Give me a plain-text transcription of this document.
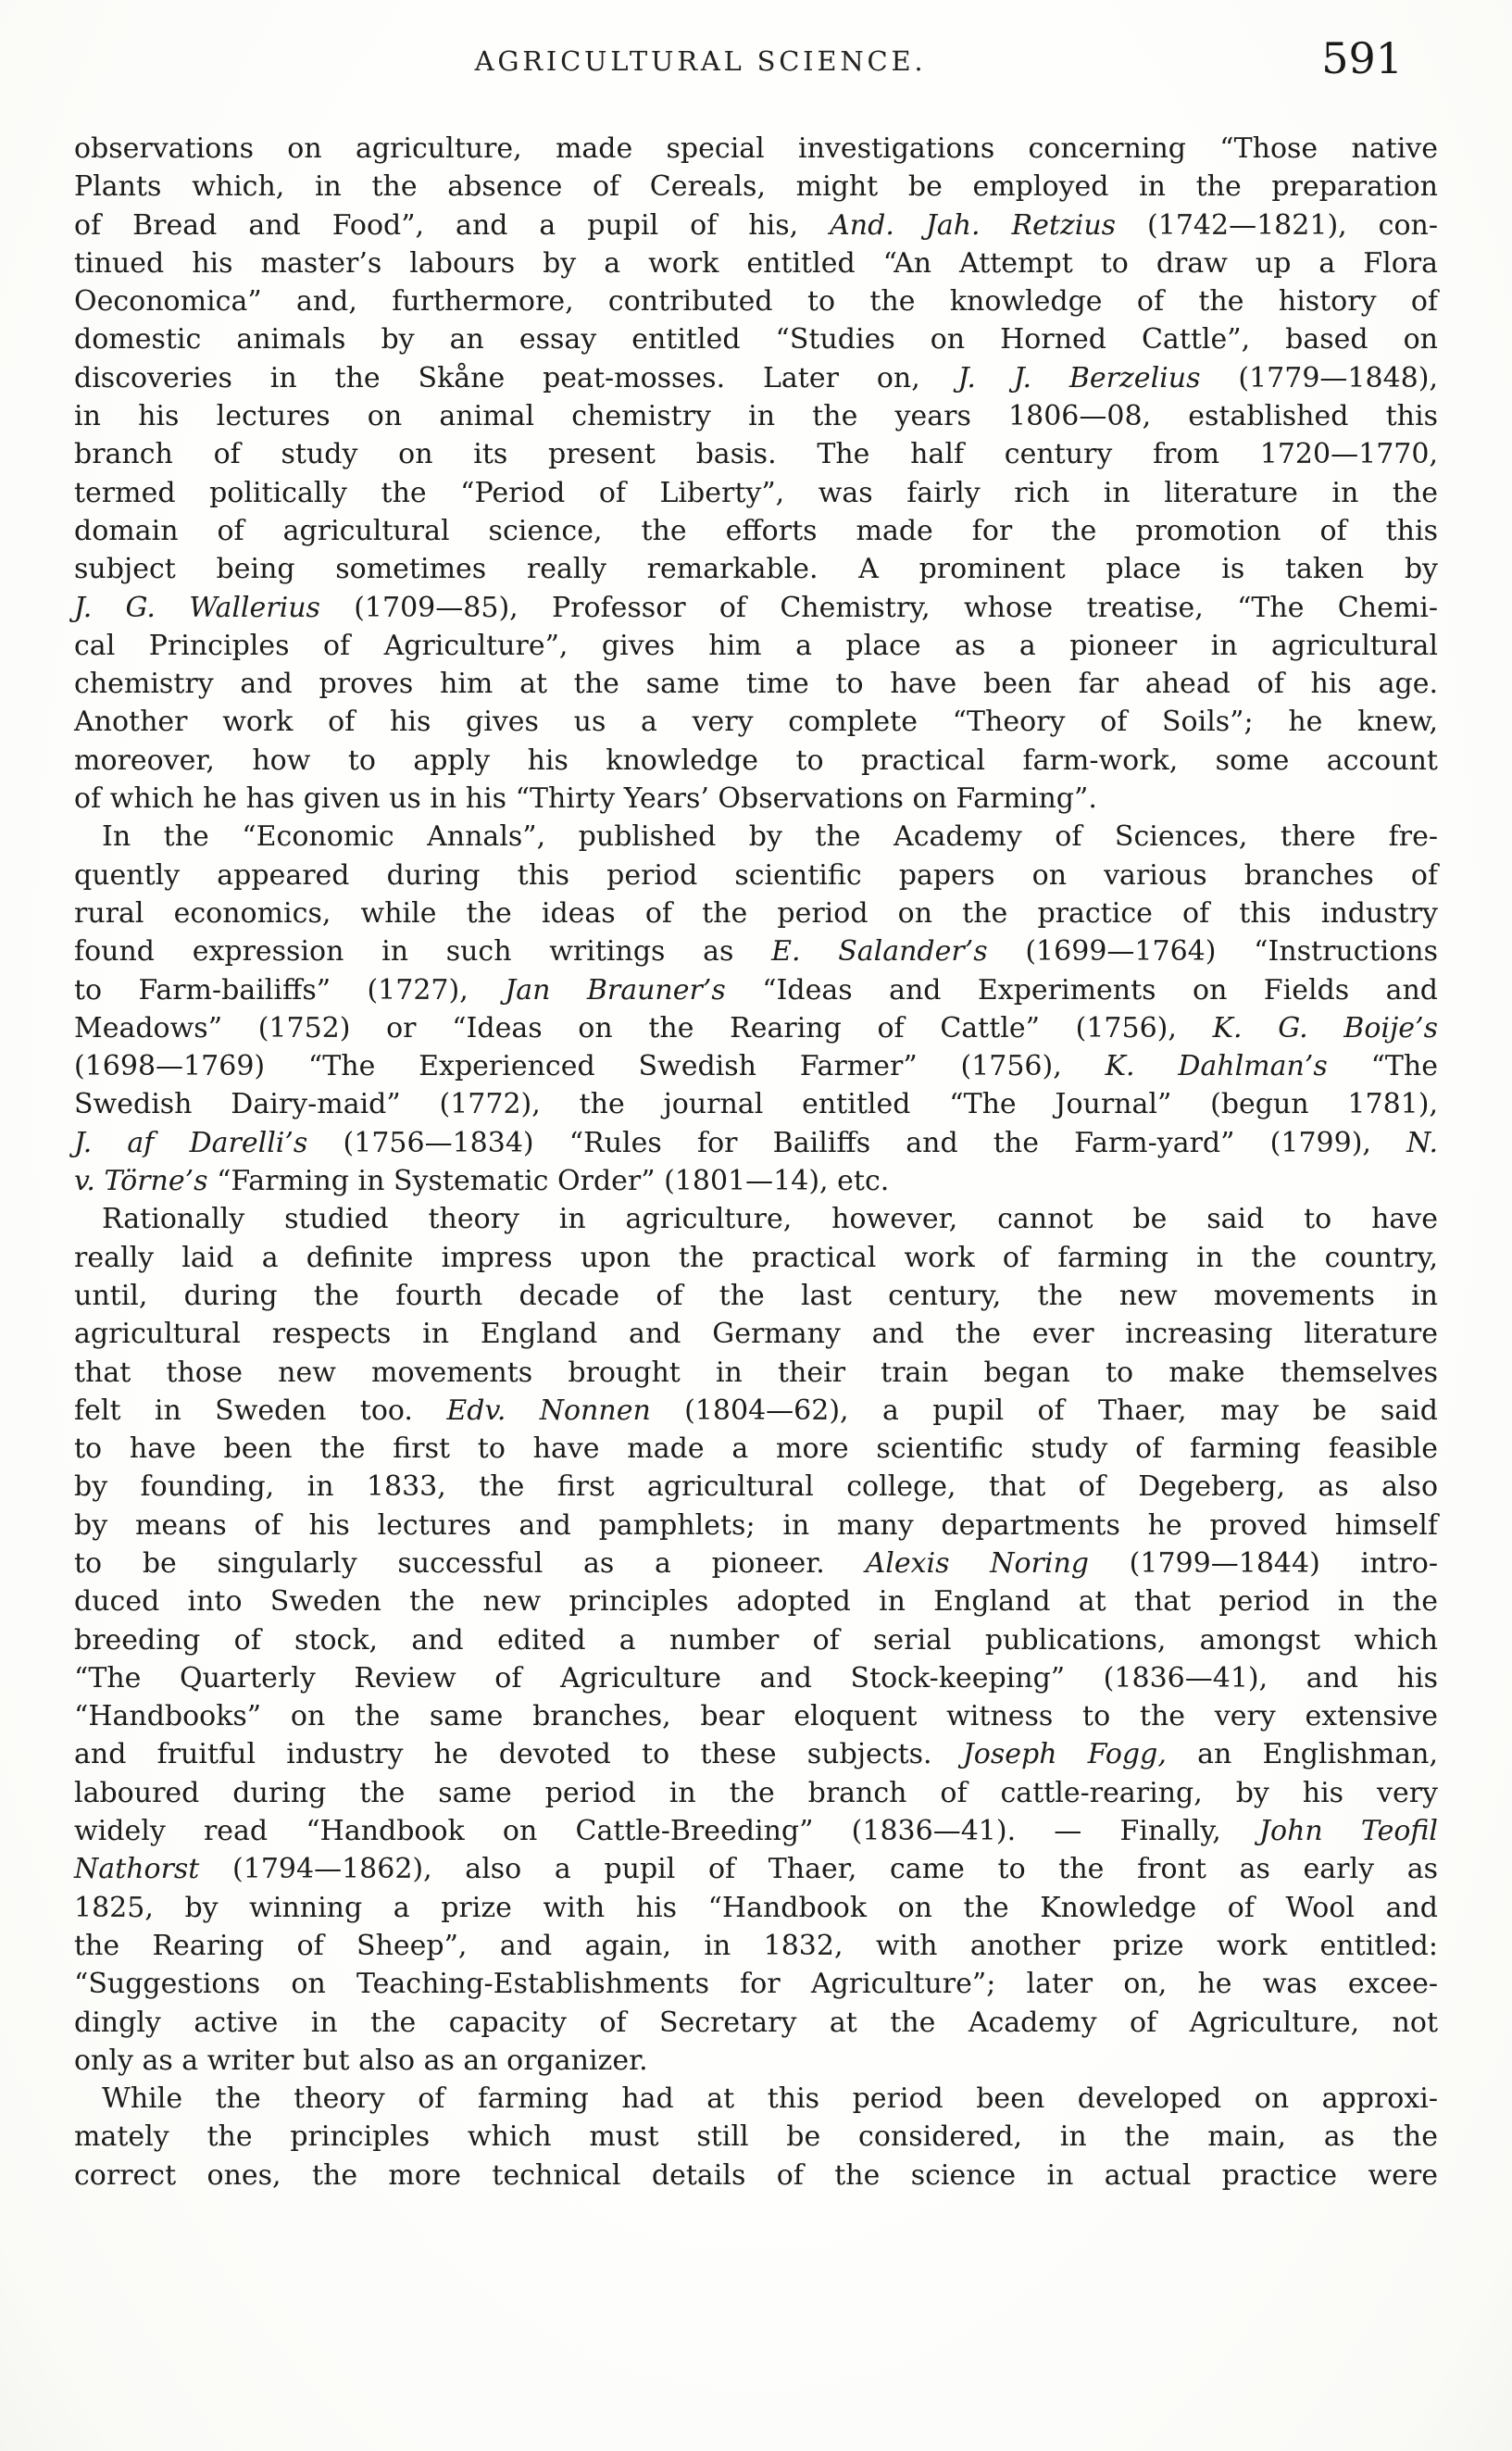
AGRICULTURAL SCIENCE.	591
observations on agriculture, made special investigations concerning “Those native
Plants which, in the absence of Cereals, might be employed in the preparation
of Bread and Food”, and a pupil of his, And. Jah. Retzius (1742—1821), con-
tinued his master’s labours by a work entitled “An Attempt to draw up a Flora
Oeconomica” and, furthermore, contributed to the knowledge of the history of
domestic animals by an essay entitled “Studies on Horned Cattle”, based on
discoveries in the Skåne peat-mosses. Later on, J. J. Berzelius (1779—1848),
in his lectures on animal chemistry in the years 1806—08, established this
branch of study on its present basis. The half century from 1720—1770,
termed politically the “Period of Liberty”, was fairly rich in literature in the
domain of agricultural science, the efforts made for the promotion of this
subject being sometimes really remarkable. A prominent place is taken by
J. G. Wallerius (1709—85), Professor of Chemistry, whose treatise, “The Chemi-
cal Principles of Agriculture”, gives him a place as a pioneer in agricultural
chemistry and proves him at the same time to have been far ahead of his age.
Another work of his gives us a very complete “Theory of Soils”; he knew,
moreover, how to apply his knowledge to practical farm-work, some account
of which he has given us in his “Thirty Years’ Observations on Farming”.
In the “Economic Annals”, published by the Academy of Sciences, there fre-
quently appeared during this period scientific papers on various branches of
rural economics, while the ideas of the period on the practice of this industry
found expression in such writings as E. Salander’s (1699—1764) “Instructions
to Farm-bailiffs” (1727), Jan Brauner’s “Ideas and Experiments on Fields and
Meadows” (1752) or “Ideas on the Rearing of Cattle” (1756), K. G. Boije’s
(1698—1769) “The Experienced Swedish Farmer” (1756), K. Dahlman’s “The
Swedish Dairy-maid” (1772), the journal entitled “The Journal” (begun 1781),
J. af Darelli’s (1756—1834) “Rules for Bailiffs and the Farm-yard” (1799), N.
v. Törne’s “Farming in Systematic Order” (1801—14), etc.
Rationally studied theory in agriculture, however, cannot be said to have
really laid a definite impress upon the practical work of farming in the country,
until, during the fourth decade of the last century, the new movements in
agricultural respects in England and Germany and the ever increasing literature
that those new movements brought in their train began to make themselves
felt in Sweden too. Edv. Nonnen (1804—62), a pupil of Thaer, may be said
to have been the first to have made a more scientific study of farming feasible
by founding, in 1833, the first agricultural college, that of Degeberg, as also
by means of his lectures and pamphlets; in many departments he proved himself
to be singularly successful as a pioneer. Alexis Noring (1799—1844) intro-
duced into Sweden the new principles adopted in England at that period in the
breeding of stock, and edited a number of serial publications, amongst which
“The Quarterly Review of Agriculture and Stock-keeping” (1836—41), and his
“Handbooks” on the same branches, bear eloquent witness to the very extensive
and fruitful industry he devoted to these subjects. Joseph Fogg, an Englishman,
laboured during the same period in the branch of cattle-rearing, by his very
widely read “Handbook on Cattle-Breeding” (1836—41). — Finally, John Teofil
Nathorst (1794—1862), also a pupil of Thaer, came to the front as early as
1825, by winning a prize with his “Handbook on the Knowledge of Wool and
the Rearing of Sheep”, and again, in 1832, with another prize work entitled:
“Suggestions on Teaching-Establishments for Agriculture”; later on, he was excee-
dingly active in the capacity of Secretary at the Academy of Agriculture, not
only as a writer but also as an organizer.
While the theory of farming had at this period been developed on approxi-
mately the principles which must still be considered, in the main, as the
correct ones, the more technical details of the science in actual practice were
